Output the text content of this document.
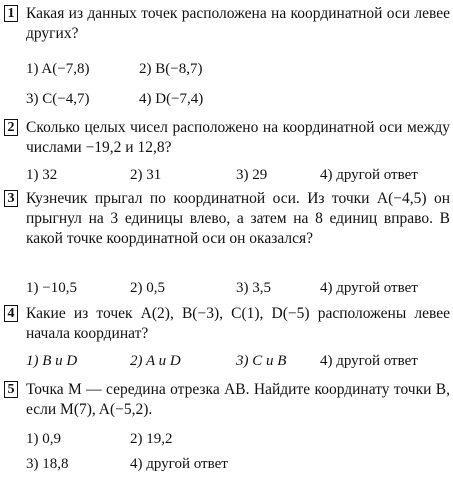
1 Какая из данных точек расположена на координатной оси левее других?
1) A(−7,8)	2) B(−8,7)
3) C(−4,7)	4) D(−7,4)
2 Сколько целых чисел расположено на координатной оси между числами −19,2 и 12,8?
1) 32	2) 31	3) 29	4) другой ответ
3 Кузнечик прыгал по координатной оси. Из точки A(−4,5) он прыгнул на 3 единицы влево, а затем на 8 единиц вправо. В какой точке координатной оси он оказался?
1) −10,5	2) 0,5	3) 3,5	4) другой ответ
4 Какие из точек A(2), B(−3), C(1), D(−5) расположены левее начала координат?
1) B и D	2) A и D	3) C и B 4) другой ответ
5 Точка M — середина отрезка AB. Найдите координату точки B, если M(7), A(−5,2).
1) 0,9	2) 19,2
3) 18,8	4) другой ответ
